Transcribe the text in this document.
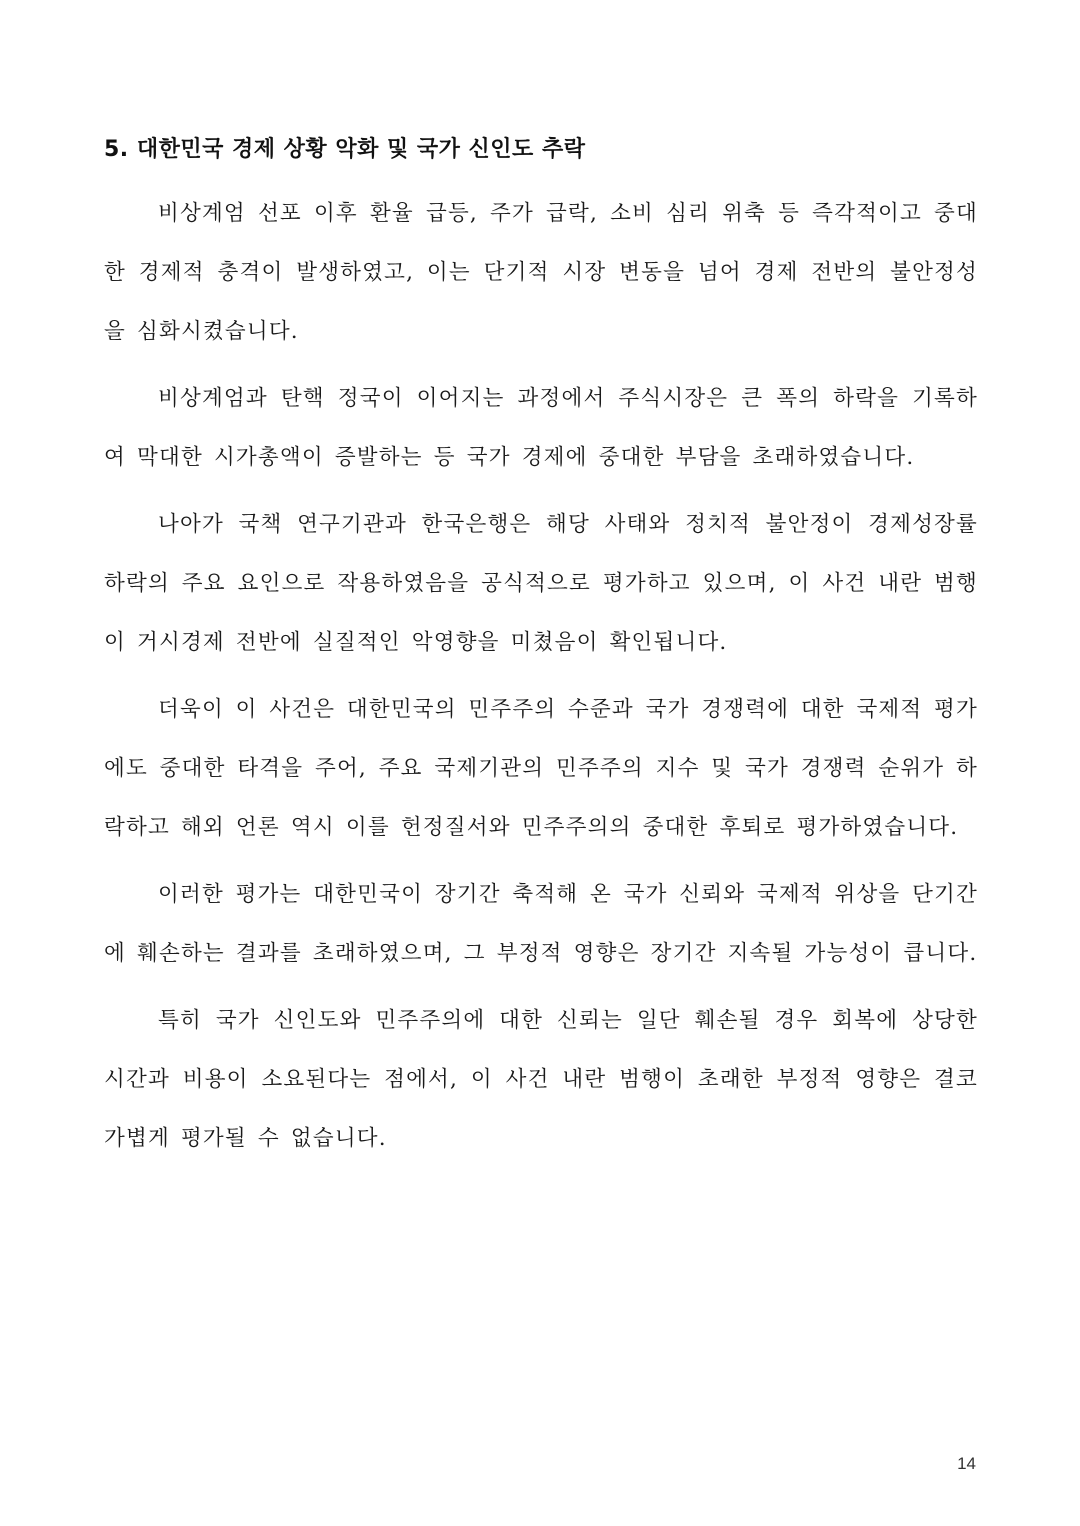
5. 대한민국 경제 상황 악화 및 국가 신인도 추락

비상계엄 선포 이후 환율 급등, 주가 급락, 소비 심리 위축 등 즉각적이고 중대한 경제적 충격이 발생하였고, 이는 단기적 시장 변동을 넘어 경제 전반의 불안정성을 심화시켰습니다.

비상계엄과 탄핵 정국이 이어지는 과정에서 주식시장은 큰 폭의 하락을 기록하여 막대한 시가총액이 증발하는 등 국가 경제에 중대한 부담을 초래하였습니다.

나아가 국책 연구기관과 한국은행은 해당 사태와 정치적 불안정이 경제성장률 하락의 주요 요인으로 작용하였음을 공식적으로 평가하고 있으며, 이 사건 내란 범행이 거시경제 전반에 실질적인 악영향을 미쳤음이 확인됩니다.

더욱이 이 사건은 대한민국의 민주주의 수준과 국가 경쟁력에 대한 국제적 평가에도 중대한 타격을 주어, 주요 국제기관의 민주주의 지수 및 국가 경쟁력 순위가 하락하고 해외 언론 역시 이를 헌정질서와 민주주의의 중대한 후퇴로 평가하였습니다.

이러한 평가는 대한민국이 장기간 축적해 온 국가 신뢰와 국제적 위상을 단기간에 훼손하는 결과를 초래하였으며, 그 부정적 영향은 장기간 지속될 가능성이 큽니다.

특히 국가 신인도와 민주주의에 대한 신뢰는 일단 훼손될 경우 회복에 상당한 시간과 비용이 소요된다는 점에서, 이 사건 내란 범행이 초래한 부정적 영향은 결코 가볍게 평가될 수 없습니다.

14
